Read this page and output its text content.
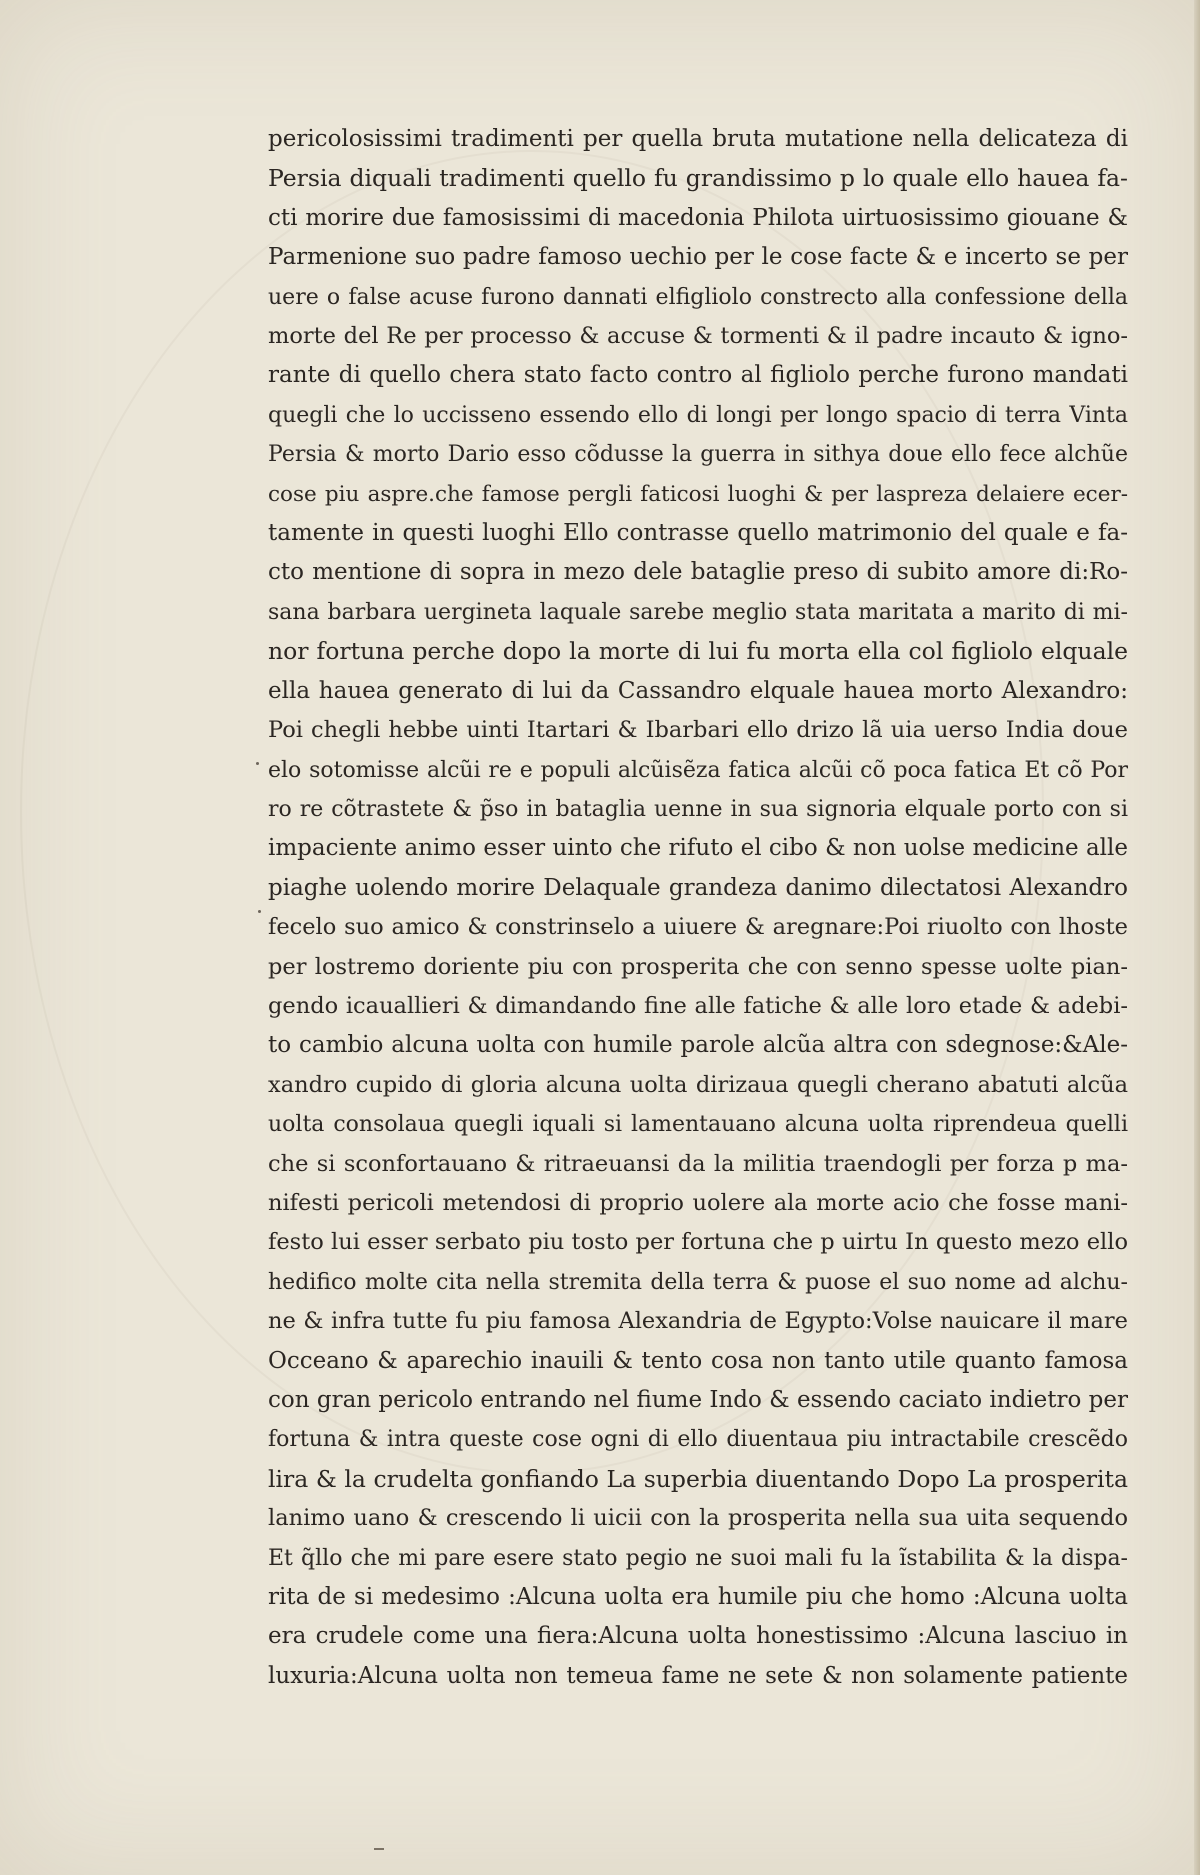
pericolosissimi tradimenti per quella bruta mutatione nella delicateza di
Persia diquali tradimenti quello fu grandissimo p lo quale ello hauea fa-
cti morire due famosissimi di macedonia Philota uirtuosissimo giouane &
Parmenione suo padre famoso uechio per le cose facte & e incerto se per
uere o false acuse furono dannati elfigliolo constrecto alla confessione della
morte del Re per processo & accuse & tormenti & il padre incauto & igno-
rante di quello chera stato facto contro al figliolo perche furono mandati
quegli che lo uccisseno essendo ello di longi per longo spacio di terra Vinta
Persia & morto Dario esso cõdusse la guerra in sithya doue ello fece alchũe
cose piu aspre.che famose pergli faticosi luoghi & per laspreza delaiere ecer-
tamente in questi luoghi Ello contrasse quello matrimonio del quale e fa-
cto mentione di sopra in mezo dele bataglie preso di subito amore di:Ro-
sana barbara uergineta laquale sarebe meglio stata maritata a marito di mi-
nor fortuna perche dopo la morte di lui fu morta ella col figliolo elquale
ella hauea generato di lui da Cassandro elquale hauea morto Alexandro:
Poi chegli hebbe uinti Itartari & Ibarbari ello drizo lã uia uerso India doue
elo sotomisse alcũi re e populi alcũisẽza fatica alcũi cõ poca fatica Et cõ Por
ro re cõtrastete & p̃so in bataglia uenne in sua signoria elquale porto con si
impaciente animo esser uinto che rifuto el cibo & non uolse medicine alle
piaghe uolendo morire Delaquale grandeza danimo dilectatosi Alexandro
fecelo suo amico & constrinselo a uiuere & aregnare:Poi riuolto con lhoste
per lostremo doriente piu con prosperita che con senno spesse uolte pian-
gendo icauallieri & dimandando fine alle fatiche & alle loro etade & adebi-
to cambio alcuna uolta con humile parole alcũa altra con sdegnose:&Ale-
xandro cupido di gloria alcuna uolta dirizaua quegli cherano abatuti alcũa
uolta consolaua quegli iquali si lamentauano alcuna uolta riprendeua quelli
che si sconfortauano & ritraeuansi da la militia traendogli per forza p ma-
nifesti pericoli metendosi di proprio uolere ala morte acio che fosse mani-
festo lui esser serbato piu tosto per fortuna che p uirtu In questo mezo ello
hedifico molte cita nella stremita della terra & puose el suo nome ad alchu-
ne & infra tutte fu piu famosa Alexandria de Egypto:Volse nauicare il mare
Occeano & aparechio inauili & tento cosa non tanto utile quanto famosa
con gran pericolo entrando nel fiume Indo & essendo caciato indietro per
fortuna & intra queste cose ogni di ello diuentaua piu intractabile crescẽdo
lira & la crudelta gonfiando La superbia diuentando Dopo La prosperita
lanimo uano & crescendo li uicii con la prosperita nella sua uita sequendo
Et q̃llo che mi pare esere stato pegio ne suoi mali fu la ĩstabilita & la dispa-
rita de si medesimo :Alcuna uolta era humile piu che homo :Alcuna uolta
era crudele come una fiera:Alcuna uolta honestissimo :Alcuna lasciuo in
luxuria:Alcuna uolta non temeua fame ne sete & non solamente patiente
